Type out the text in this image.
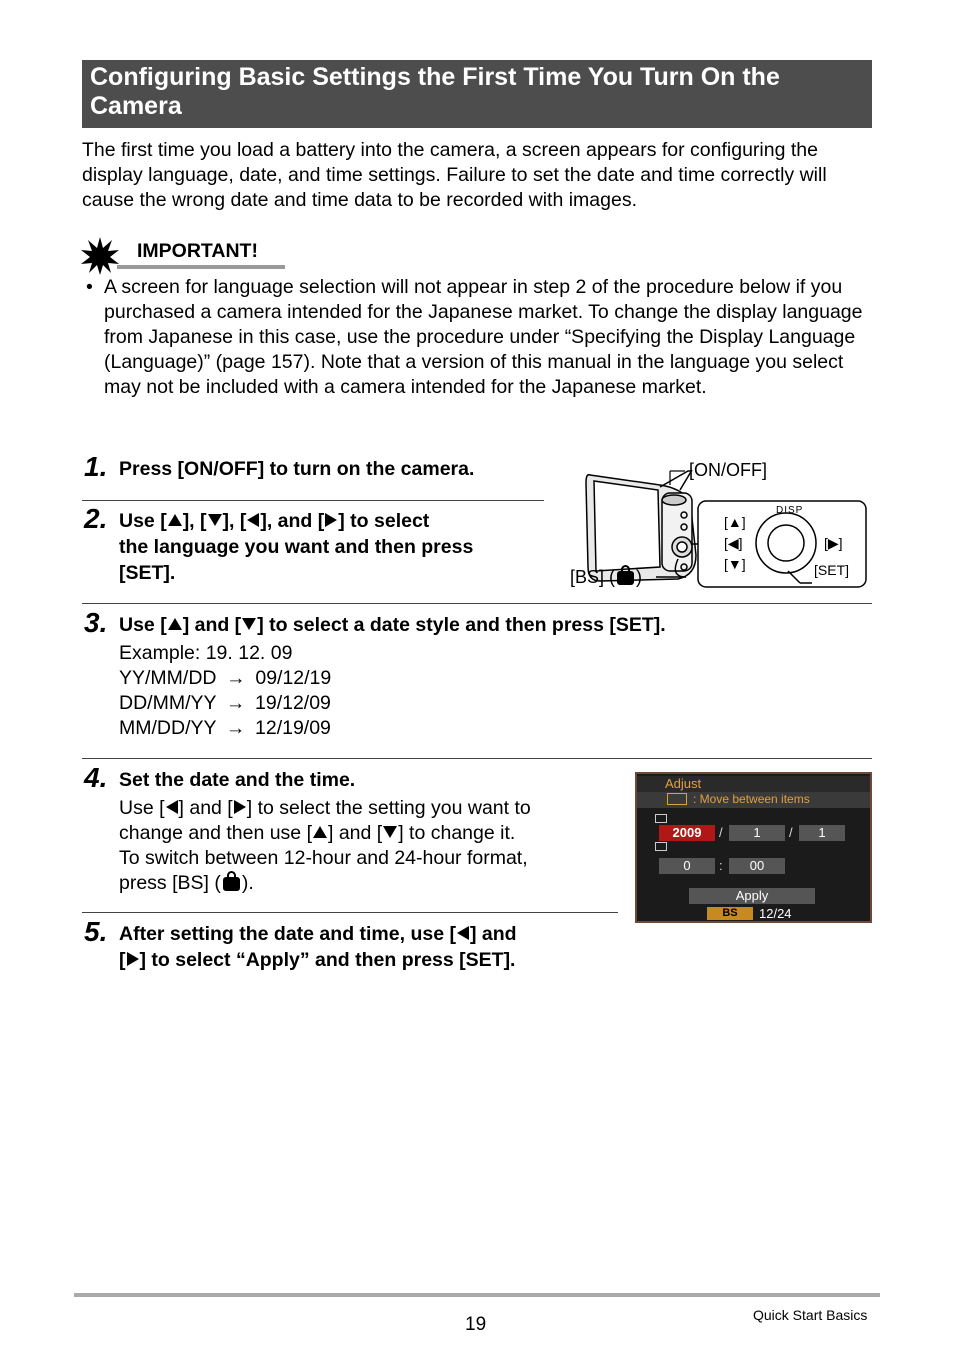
Configuring Basic Settings the First Time You Turn On the Camera
The first time you load a battery into the camera, a screen appears for configuring the display language, date, and time settings. Failure to set the date and time correctly will cause the wrong date and time data to be recorded with images.
IMPORTANT!
• A screen for language selection will not appear in step 2 of the procedure below if you purchased a camera intended for the Japanese market. To change the display language from Japanese in this case, use the procedure under “Specifying the Display Language (Language)” (page 157). Note that a version of this manual in the language you select may not be included with a camera intended for the Japanese market.
1. Press [ON/OFF] to turn on the camera.
2. Use [ ], [ ], [ ], and [ ] to select
the language you want and then press
[SET].
[ON/OFF]
DISP
[▲]
[◀]
[▼]
[▶]
[SET]
[BS] ( )
3. Use [ ] and [ ] to select a date style and then press [SET].
Example: 19. 12. 09
YY/MM/DD → 09/12/19
DD/MM/YY → 19/12/09
MM/DD/YY → 12/19/09
4. Set the date and the time.
Use [ ] and [ ] to select the setting you want to
change and then use [ ] and [ ] to change it.
To switch between 12-hour and 24-hour format,
press [BS] ( ).
Adjust
: Move between items
2009	/	1	/	1
0	:	00
Apply
BS	12/24
5. After setting the date and time, use [ ] and
[ ] to select “Apply” and then press [SET].
19	Quick Start Basics
